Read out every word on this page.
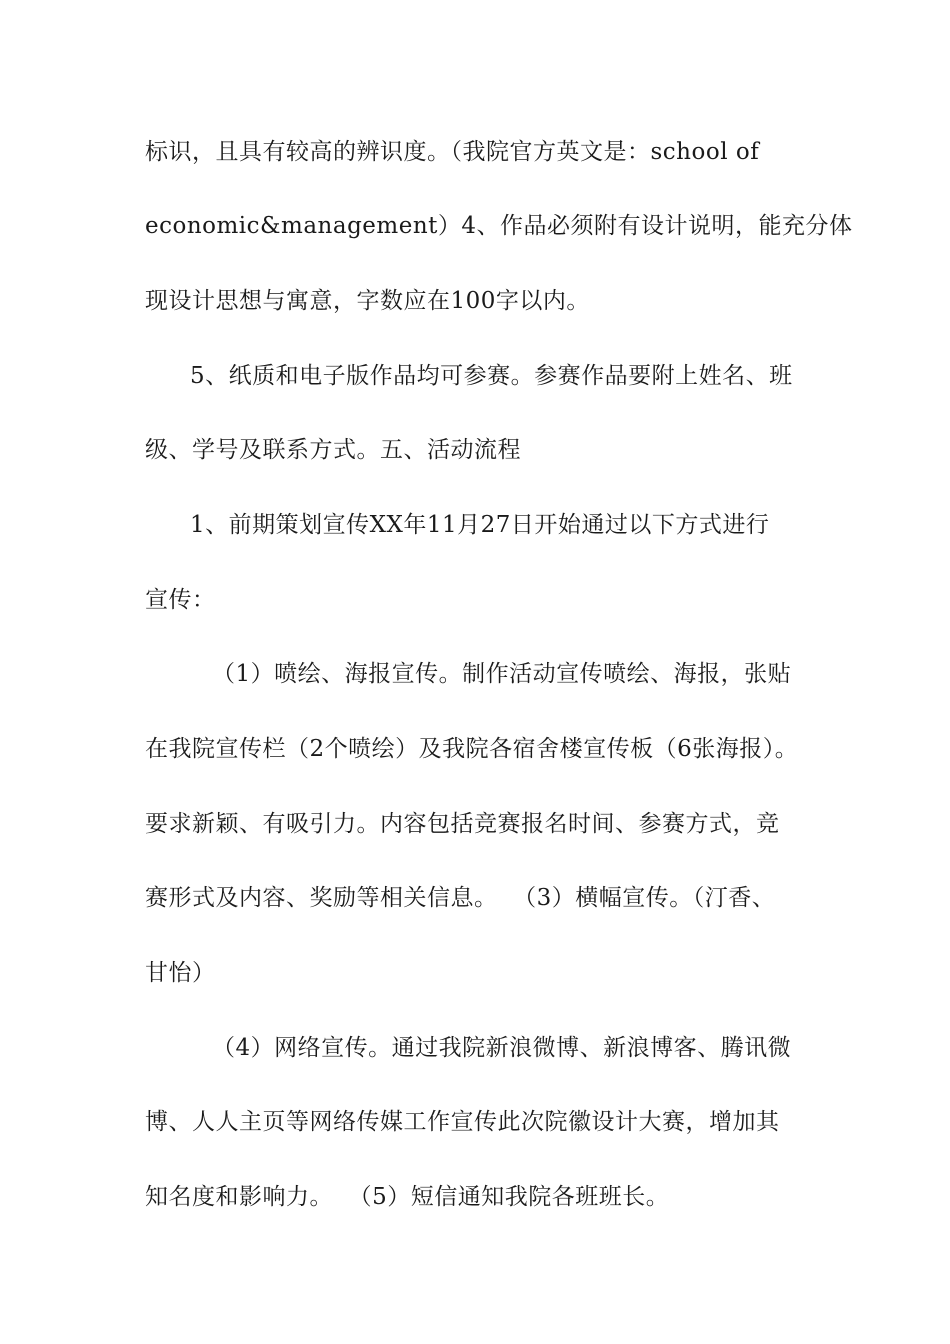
标识，且具有较高的辨识度。（我院官方英文是：school of
economic&management）4、作品必须附有设计说明，能充分体
现设计思想与寓意，字数应在100字以内。
5、纸质和电子版作品均可参赛。参赛作品要附上姓名、班
级、学号及联系方式。五、活动流程
1、前期策划宣传XX年11月27日开始通过以下方式进行
宣传：
（1）喷绘、海报宣传。制作活动宣传喷绘、海报，张贴
在我院宣传栏（2个喷绘）及我院各宿舍楼宣传板（6张海报）。
要求新颖、有吸引力。内容包括竞赛报名时间、参赛方式，竞
赛形式及内容、奖励等相关信息。  （3）横幅宣传。（汀香、
甘怡）
（4）网络宣传。通过我院新浪微博、新浪博客、腾讯微
博、人人主页等网络传媒工作宣传此次院徽设计大赛，增加其
知名度和影响力。  （5）短信通知我院各班班长。
